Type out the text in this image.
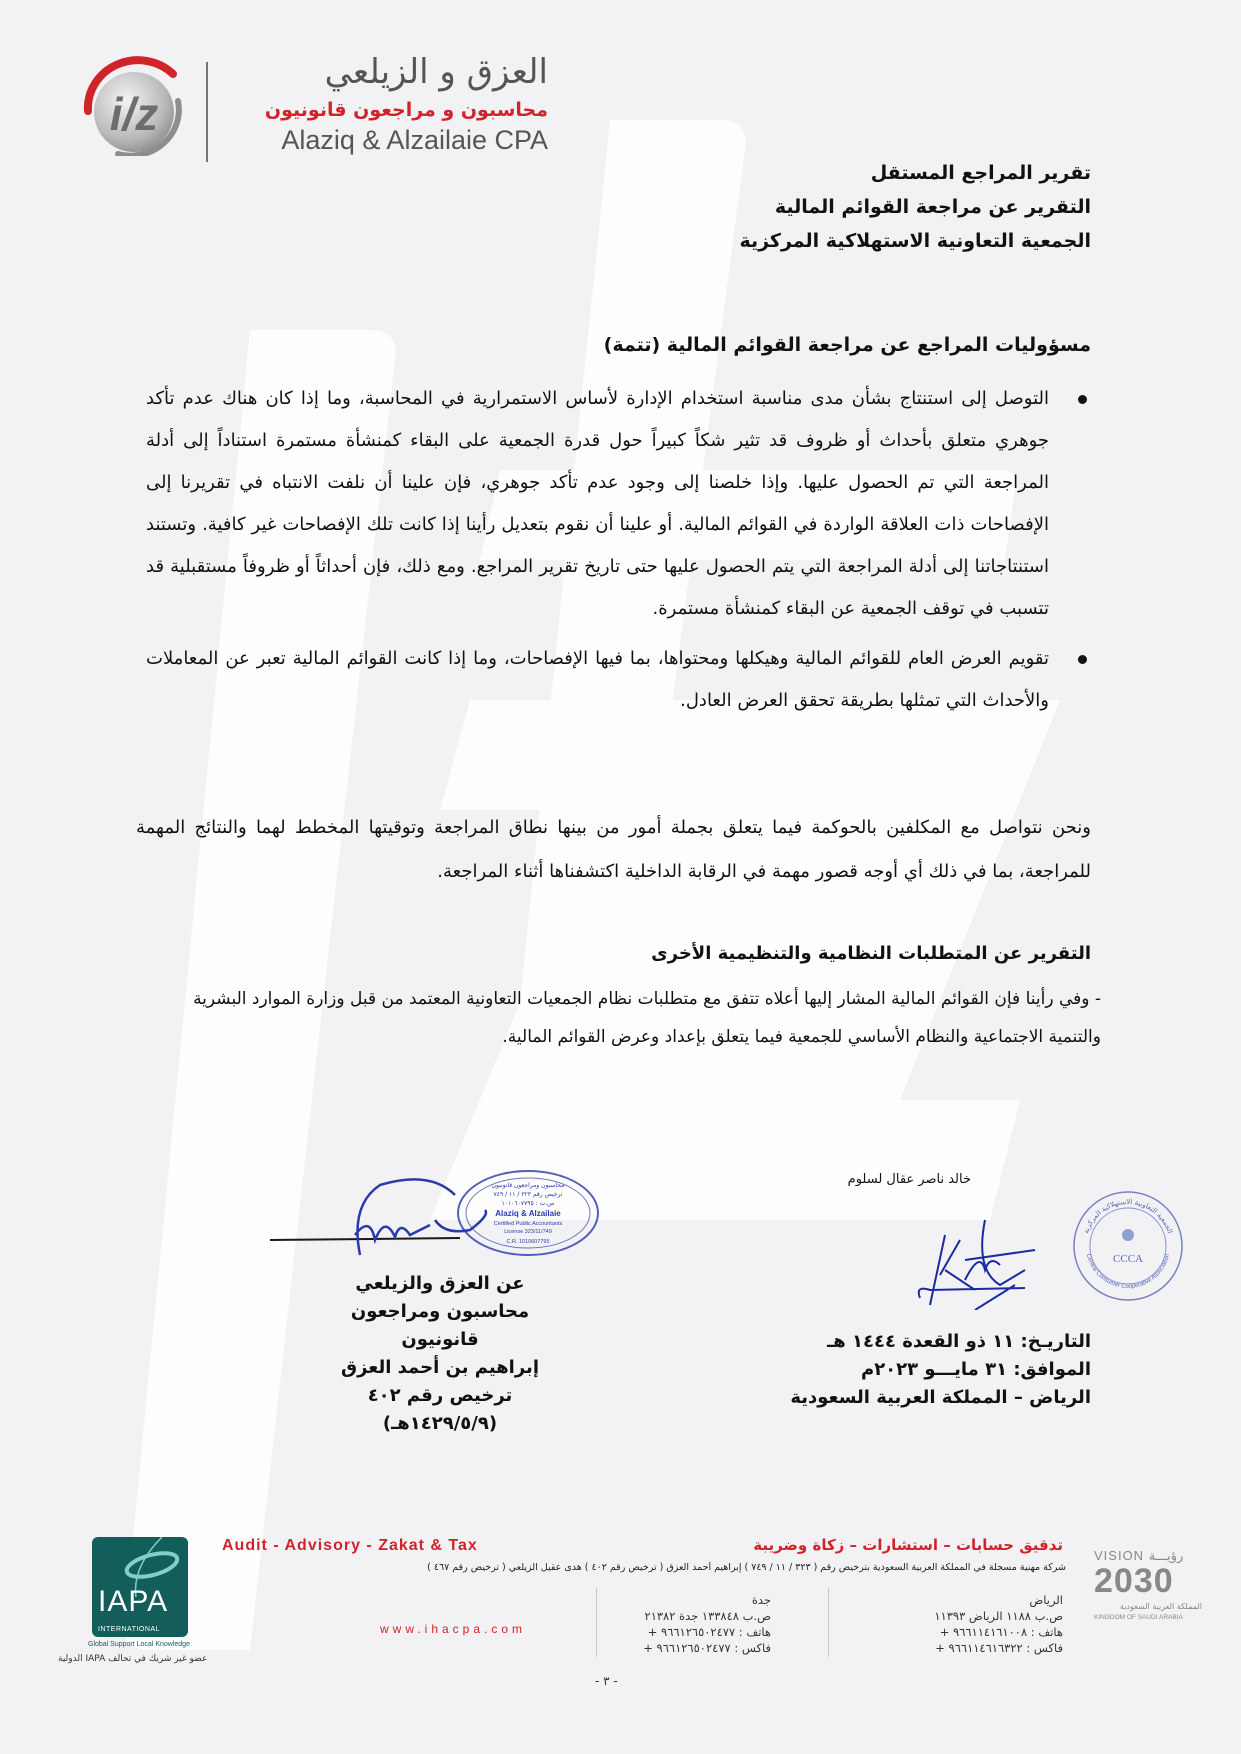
i/z
العزق و الزيلعي
محاسبون و مراجعون قانونيون
Alaziq & Alzailaie CPA
تقرير المراجع المستقل
التقرير عن مراجعة القوائم المالية
الجمعية التعاونية الاستهلاكية المركزية
مسؤوليات المراجع عن مراجعة القوائم المالية (تتمة)
التوصل إلى استنتاج بشأن مدى مناسبة استخدام الإدارة لأساس الاستمرارية في المحاسبة، وما إذا كان هناك عدم تأكد جوهري متعلق بأحداث أو ظروف قد تثير شكاً كبيراً حول قدرة الجمعية على البقاء كمنشأة مستمرة استناداً إلى أدلة المراجعة التي تم الحصول عليها. وإذا خلصنا إلى وجود عدم تأكد جوهري، فإن علينا أن نلفت الانتباه في تقريرنا إلى الإفصاحات ذات العلاقة الواردة في القوائم المالية. أو علينا أن نقوم بتعديل رأينا إذا كانت تلك الإفصاحات غير كافية. وتستند استنتاجاتنا إلى أدلة المراجعة التي يتم الحصول عليها حتى تاريخ تقرير المراجع. ومع ذلك، فإن أحداثاً أو ظروفاً مستقبلية قد تتسبب في توقف الجمعية عن البقاء كمنشأة مستمرة.
تقويم العرض العام للقوائم المالية وهيكلها ومحتواها، بما فيها الإفصاحات، وما إذا كانت القوائم المالية تعبر عن المعاملات والأحداث التي تمثلها بطريقة تحقق العرض العادل.
ونحن نتواصل مع المكلفين بالحوكمة فيما يتعلق بجملة أمور من بينها نطاق المراجعة وتوقيتها المخطط لهما والنتائج المهمة للمراجعة، بما في ذلك أي أوجه قصور مهمة في الرقابة الداخلية اكتشفناها أثناء المراجعة.
التقرير عن المتطلبات النظامية والتنظيمية الأخرى
- وفي رأينا فإن القوائم المالية المشار إليها أعلاه تتفق مع متطلبات نظام الجمعيات التعاونية المعتمد من قبل وزارة الموارد البشرية والتنمية الاجتماعية والنظام الأساسي للجمعية فيما يتعلق بإعداد وعرض القوائم المالية.
محاسبون ومراجعون قانونيون
ترخيص رقم ٣٢٣ / ١١ / ٧٤٩
س.ت : ١٠١٠٦٠٧٧٩٥
Alaziq & Alzailaie
Certified Public Accountants
License 323/11/749
C.R. 1010607795
عن العزق والزيلعي
محاسبون ومراجعون قانونيون
إبراهيم بن أحمد العزق
ترخيص رقم ٤٠٢
(١٤٢٩/٥/٩هـ)
خالد ناصر عقال لسلوم
الجمعية التعاونية الاستهلاكية المركزية
Central Consumer Cooperative Association
CCCA
التاريـخ: ١١ ذو القعدة ١٤٤٤ هـ
الموافق: ٣١ مايـــو ٢٠٢٣م
الرياض – المملكة العربية السعودية
IAPA
INTERNATIONAL
Global Support Local Knowledge
عضو غير شريك في تحالف IAPA الدولية
Audit - Advisory - Zakat & Tax	تدقيق حسابات – استشارات – زكاة وضريبة
شركة مهنية مسجلة في المملكة العربية السعودية بترخيص رقم ( ٣٢٣ / ١١ / ٧٤٩ ) إبراهيم أحمد العزق ( ترخيص رقم ٤٠٢ ) هدى عقيل الزيلعي ( ترخيص رقم ٤٦٧ )
www.ihacpa.com
جدة
ص.ب ١٣٣٨٤٨ جدة ٢١٣٨٢
هاتف : ٩٦٦١٢٦٥٠٢٤٧٧ +
فاكس : ٩٦٦١٢٦٥٠٢٤٧٧ +
الرياض
ص.ب ١١٨٨ الرياض ١١٣٩٣
هاتف : ٩٦٦١١٤١٦١٠٠٨ +
فاكس : ٩٦٦١١٤٦١٦٣٢٢ +
- ٣ -
VISION رؤيـــة
2030
المملكة العربية السعودية
KINGDOM OF SAUDI ARABIA
